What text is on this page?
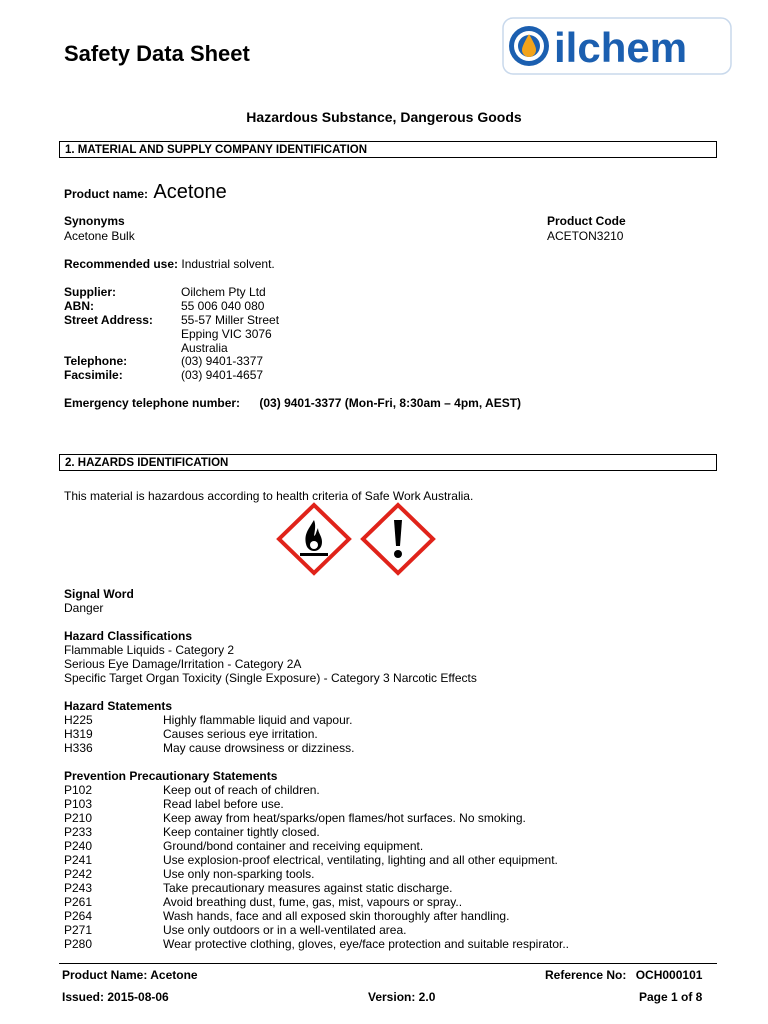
Safety Data Sheet	ilchem
Hazardous Substance, Dangerous Goods
1. MATERIAL AND SUPPLY COMPANY IDENTIFICATION
Product name: Acetone
Synonyms
Acetone Bulk
Product Code
ACETON3210
Recommended use: Industrial solvent.
Supplier:	Oilchem Pty Ltd
ABN:	55 006 040 080
Street Address: 55-57 Miller Street
Epping VIC 3076
Australia
Telephone:	(03) 9401-3377
Facsimile:	(03) 9401-4657
Emergency telephone number: (03) 9401-3377 (Mon-Fri, 8:30am – 4pm, AEST)
2. HAZARDS IDENTIFICATION
This material is hazardous according to health criteria of Safe Work Australia.
Signal Word
Danger
Hazard Classifications
Flammable Liquids - Category 2
Serious Eye Damage/Irritation - Category 2A
Specific Target Organ Toxicity (Single Exposure) - Category 3 Narcotic Effects
Hazard Statements
H225	Highly flammable liquid and vapour.
H319	Causes serious eye irritation.
H336	May cause drowsiness or dizziness.
Prevention Precautionary Statements
P102	Keep out of reach of children.
P103	Read label before use.
P210	Keep away from heat/sparks/open flames/hot surfaces. No smoking.
P233	Keep container tightly closed.
P240	Ground/bond container and receiving equipment.
P241	Use explosion-proof electrical, ventilating, lighting and all other equipment.
P242	Use only non-sparking tools.
P243	Take precautionary measures against static discharge.
P261	Avoid breathing dust, fume, gas, mist, vapours or spray..
P264	Wash hands, face and all exposed skin thoroughly after handling.
P271	Use only outdoors or in a well-ventilated area.
P280	Wear protective clothing, gloves, eye/face protection and suitable respirator..
Product Name: Acetone	Reference No: OCH000101
Issued: 2015-08-06	Version: 2.0	Page 1 of 8
